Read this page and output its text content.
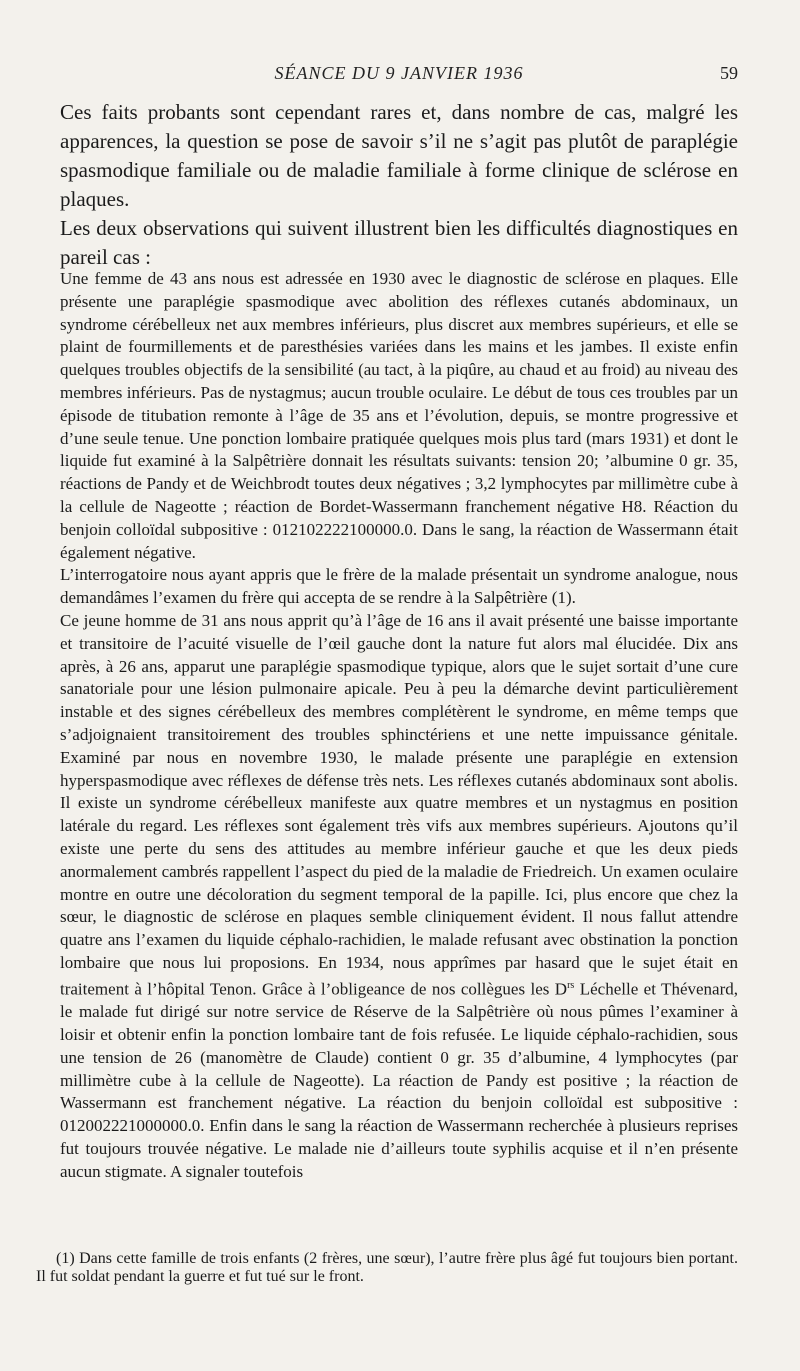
SÉANCE DU 9 JANVIER 1936	59

Ces faits probants sont cependant rares et, dans nombre de cas, malgré les apparences, la question se pose de savoir s’il ne s’agit pas plutôt de paraplégie spasmodique familiale ou de maladie familiale à forme clinique de sclérose en plaques.

Les deux observations qui suivent illustrent bien les difficultés diagnostiques en pareil cas :

Une femme de 43 ans nous est adressée en 1930 avec le diagnostic de sclérose en plaques. Elle présente une paraplégie spasmodique avec abolition des réflexes cutanés abdominaux, un syndrome cérébelleux net aux membres inférieurs, plus discret aux membres supérieurs, et elle se plaint de fourmillements et de paresthésies variées dans les mains et les jambes. Il existe enfin quelques troubles objectifs de la sensibilité (au tact, à la piqûre, au chaud et au froid) au niveau des membres inférieurs. Pas de nystagmus; aucun trouble oculaire. Le début de tous ces troubles par un épisode de titubation remonte à l’âge de 35 ans et l’évolution, depuis, se montre progressive et d’une seule tenue. Une ponction lombaire pratiquée quelques mois plus tard (mars 1931) et dont le liquide fut examiné à la Salpêtrière donnait les résultats suivants: tension 20; ’albumine 0 gr. 35, réactions de Pandy et de Weichbrodt toutes deux négatives ; 3,2 lymphocytes par millimètre cube à la cellule de Nageotte ; réaction de Bordet-Wassermann franchement négative H8. Réaction du benjoin colloïdal subpositive : 012102222100000.0. Dans le sang, la réaction de Wassermann était également négative.

L’interrogatoire nous ayant appris que le frère de la malade présentait un syndrome analogue, nous demandâmes l’examen du frère qui accepta de se rendre à la Salpêtrière (1).

Ce jeune homme de 31 ans nous apprit qu’à l’âge de 16 ans il avait présenté une baisse importante et transitoire de l’acuité visuelle de l’œil gauche dont la nature fut alors mal élucidée. Dix ans après, à 26 ans, apparut une paraplégie spasmodique typique, alors que le sujet sortait d’une cure sanatoriale pour une lésion pulmonaire apicale. Peu à peu la démarche devint particulièrement instable et des signes cérébelleux des membres complétèrent le syndrome, en même temps que s’adjoignaient transitoirement des troubles sphinctériens et une nette impuissance génitale. Examiné par nous en novembre 1930, le malade présente une paraplégie en extension hyperspasmodique avec réflexes de défense très nets. Les réflexes cutanés abdominaux sont abolis. Il existe un syndrome cérébelleux manifeste aux quatre membres et un nystagmus en position latérale du regard. Les réflexes sont également très vifs aux membres supérieurs. Ajoutons qu’il existe une perte du sens des attitudes au membre inférieur gauche et que les deux pieds anormalement cambrés rappellent l’aspect du pied de la maladie de Friedreich. Un examen oculaire montre en outre une décoloration du segment temporal de la papille. Ici, plus encore que chez la sœur, le diagnostic de sclérose en plaques semble cliniquement évident. Il nous fallut attendre quatre ans l’examen du liquide céphalo-rachidien, le malade refusant avec obstination la ponction lombaire que nous lui proposions. En 1934, nous apprîmes par hasard que le sujet était en traitement à l’hôpital Tenon. Grâce à l’obligeance de nos collègues les $D^{rs}$ Léchelle et Thévenard, le malade fut dirigé sur notre service de Réserve de la Salpêtrière où nous pûmes l’examiner à loisir et obtenir enfin la ponction lombaire tant de fois refusée. Le liquide céphalo-rachidien, sous une tension de 26 (manomètre de Claude) contient 0 gr. 35 d’albumine, 4 lymphocytes (par millimètre cube à la cellule de Nageotte). La réaction de Pandy est positive ; la réaction de Wassermann est franchement négative. La réaction du benjoin colloïdal est subpositive : 012002221000000.0. Enfin dans le sang la réaction de Wassermann recherchée à plusieurs reprises fut toujours trouvée négative. Le malade nie d’ailleurs toute syphilis acquise et il n’en présente aucun stigmate. A signaler toutefois

(1) Dans cette famille de trois enfants (2 frères, une sœur), l’autre frère plus âgé fut toujours bien portant. Il fut soldat pendant la guerre et fut tué sur le front.
